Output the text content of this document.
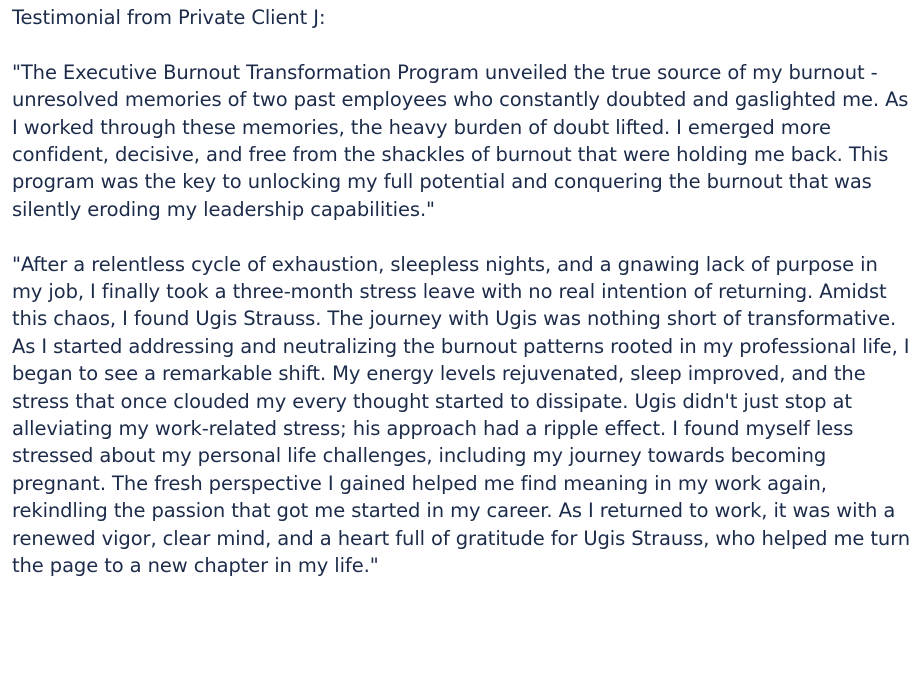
Testimonial from Private Client J:

"The Executive Burnout Transformation Program unveiled the true source of my burnout - unresolved memories of two past employees who constantly doubted and gaslighted me. As I worked through these memories, the heavy burden of doubt lifted. I emerged more confident, decisive, and free from the shackles of burnout that were holding me back. This program was the key to unlocking my full potential and conquering the burnout that was silently eroding my leadership capabilities."

"After a relentless cycle of exhaustion, sleepless nights, and a gnawing lack of purpose in my job, I finally took a three-month stress leave with no real intention of returning. Amidst this chaos, I found Ugis Strauss. The journey with Ugis was nothing short of transformative. As I started addressing and neutralizing the burnout patterns rooted in my professional life, I began to see a remarkable shift. My energy levels rejuvenated, sleep improved, and the stress that once clouded my every thought started to dissipate. Ugis didn't just stop at alleviating my work-related stress; his approach had a ripple effect. I found myself less stressed about my personal life challenges, including my journey towards becoming pregnant. The fresh perspective I gained helped me find meaning in my work again, rekindling the passion that got me started in my career. As I returned to work, it was with a renewed vigor, clear mind, and a heart full of gratitude for Ugis Strauss, who helped me turn the page to a new chapter in my life."
